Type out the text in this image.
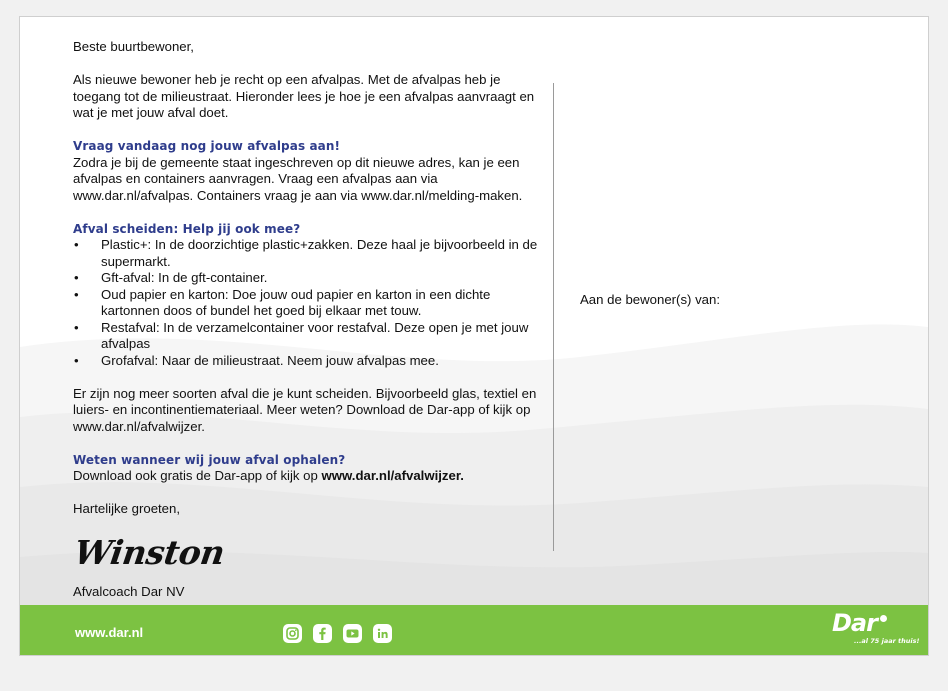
Beste buurtbewoner,

Als nieuwe bewoner heb je recht op een afvalpas. Met de afvalpas heb je toegang tot de milieustraat. Hieronder lees je hoe je een afvalpas aanvraagt en wat je met jouw afval doet.

Vraag vandaag nog jouw afvalpas aan!

Zodra je bij de gemeente staat ingeschreven op dit nieuwe adres, kan je een afvalpas en containers aanvragen. Vraag een afvalpas aan via www.dar.nl/afvalpas. Containers vraag je aan via www.dar.nl/melding-maken.

Afval scheiden: Help jij ook mee?
• Plastic+: In de doorzichtige plastic+zakken. Deze haal je bijvoorbeeld in de supermarkt.
• Gft-afval: In de gft-container.
• Oud papier en karton: Doe jouw oud papier en karton in een dichte kartonnen doos of bundel het goed bij elkaar met touw.
• Restafval: In de verzamelcontainer voor restafval. Deze open je met jouw afvalpas
• Grofafval: Naar de milieustraat. Neem jouw afvalpas mee.

Er zijn nog meer soorten afval die je kunt scheiden. Bijvoorbeeld glas, textiel en luiers- en incontinentiemateriaal. Meer weten? Download de Dar-app of kijk op www.dar.nl/afvalwijzer.

Weten wanneer wij jouw afval ophalen?

Download ook gratis de Dar-app of kijk op www.dar.nl/afvalwijzer.

Hartelijke groeten,

Winston
Afvalcoach Dar NV
Aan de bewoner(s) van:
www.dar.nl	Dar
...al 75 jaar thuis!
